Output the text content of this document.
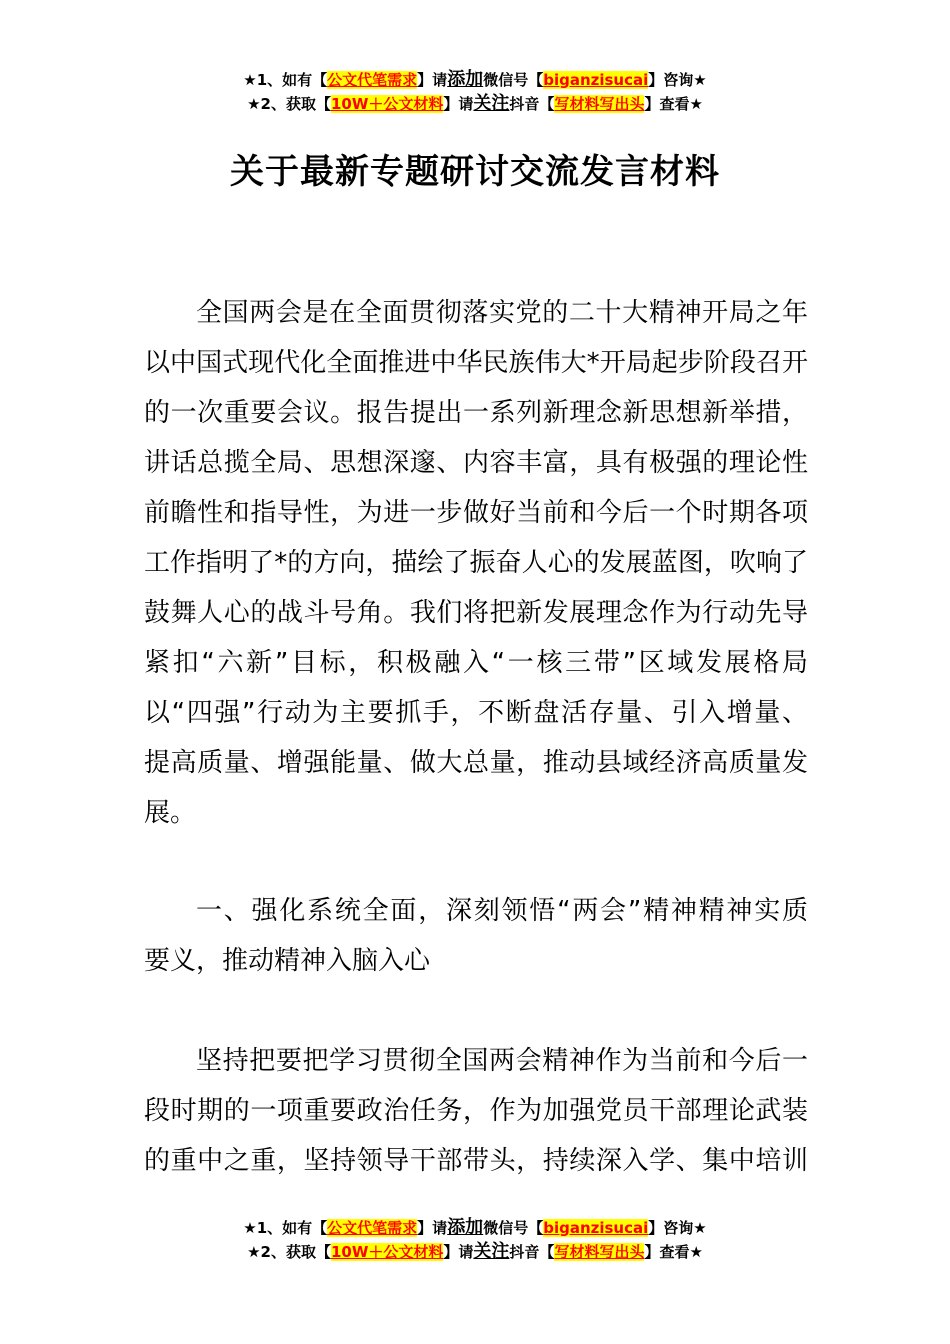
★1、如有【公文代笔需求】请添加微信号【biganzisucai】咨询★
★2、获取【10W＋公文材料】请关注抖音【写材料写出头】查看★
关于最新专题研讨交流发言材料
全国两会是在全面贯彻落实党的二十大精神开局之年
以中国式现代化全面推进中华民族伟大*开局起步阶段召开
的一次重要会议。报告提出一系列新理念新思想新举措，
讲话总揽全局、思想深邃、内容丰富，具有极强的理论性
前瞻性和指导性，为进一步做好当前和今后一个时期各项
工作指明了*的方向，描绘了振奋人心的发展蓝图，吹响了
鼓舞人心的战斗号角。我们将把新发展理念作为行动先导
紧扣“六新”目标，积极融入“一核三带”区域发展格局
以“四强”行动为主要抓手，不断盘活存量、引入增量、
提高质量、增强能量、做大总量，推动县域经济高质量发
展。
一、强化系统全面，深刻领悟“两会”精神精神实质
要义，推动精神入脑入心
坚持把要把学习贯彻全国两会精神作为当前和今后一
段时期的一项重要政治任务，作为加强党员干部理论武装
的重中之重，坚持领导干部带头，持续深入学、集中培训
★1、如有【公文代笔需求】请添加微信号【biganzisucai】咨询★
★2、获取【10W＋公文材料】请关注抖音【写材料写出头】查看★
